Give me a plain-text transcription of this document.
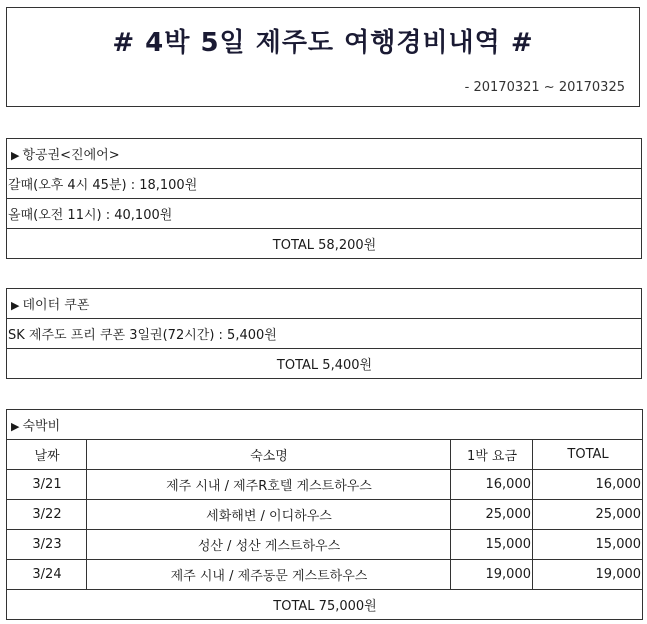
# 4박 5일 제주도 여행경비내역 #
- 20170321 ~ 20170325
▶ 항공권<진에어>
갈때(오후 4시 45분) : 18,100원
올때(오전 11시) : 40,100원
TOTAL 58,200원
▶ 데이터 쿠폰
SK 제주도 프리 쿠폰 3일권(72시간) : 5,400원
TOTAL 5,400원
▶ 숙박비			
날짜	숙소명	1박 요금	TOTAL
3/21	제주 시내 / 제주R호텔 게스트하우스	16,000	16,000
3/22	세화해변 / 이디하우스	25,000	25,000
3/23	성산 / 성산 게스트하우스	15,000	15,000
3/24	제주 시내 / 제주동문 게스트하우스	19,000	19,000
TOTAL 75,000원			
